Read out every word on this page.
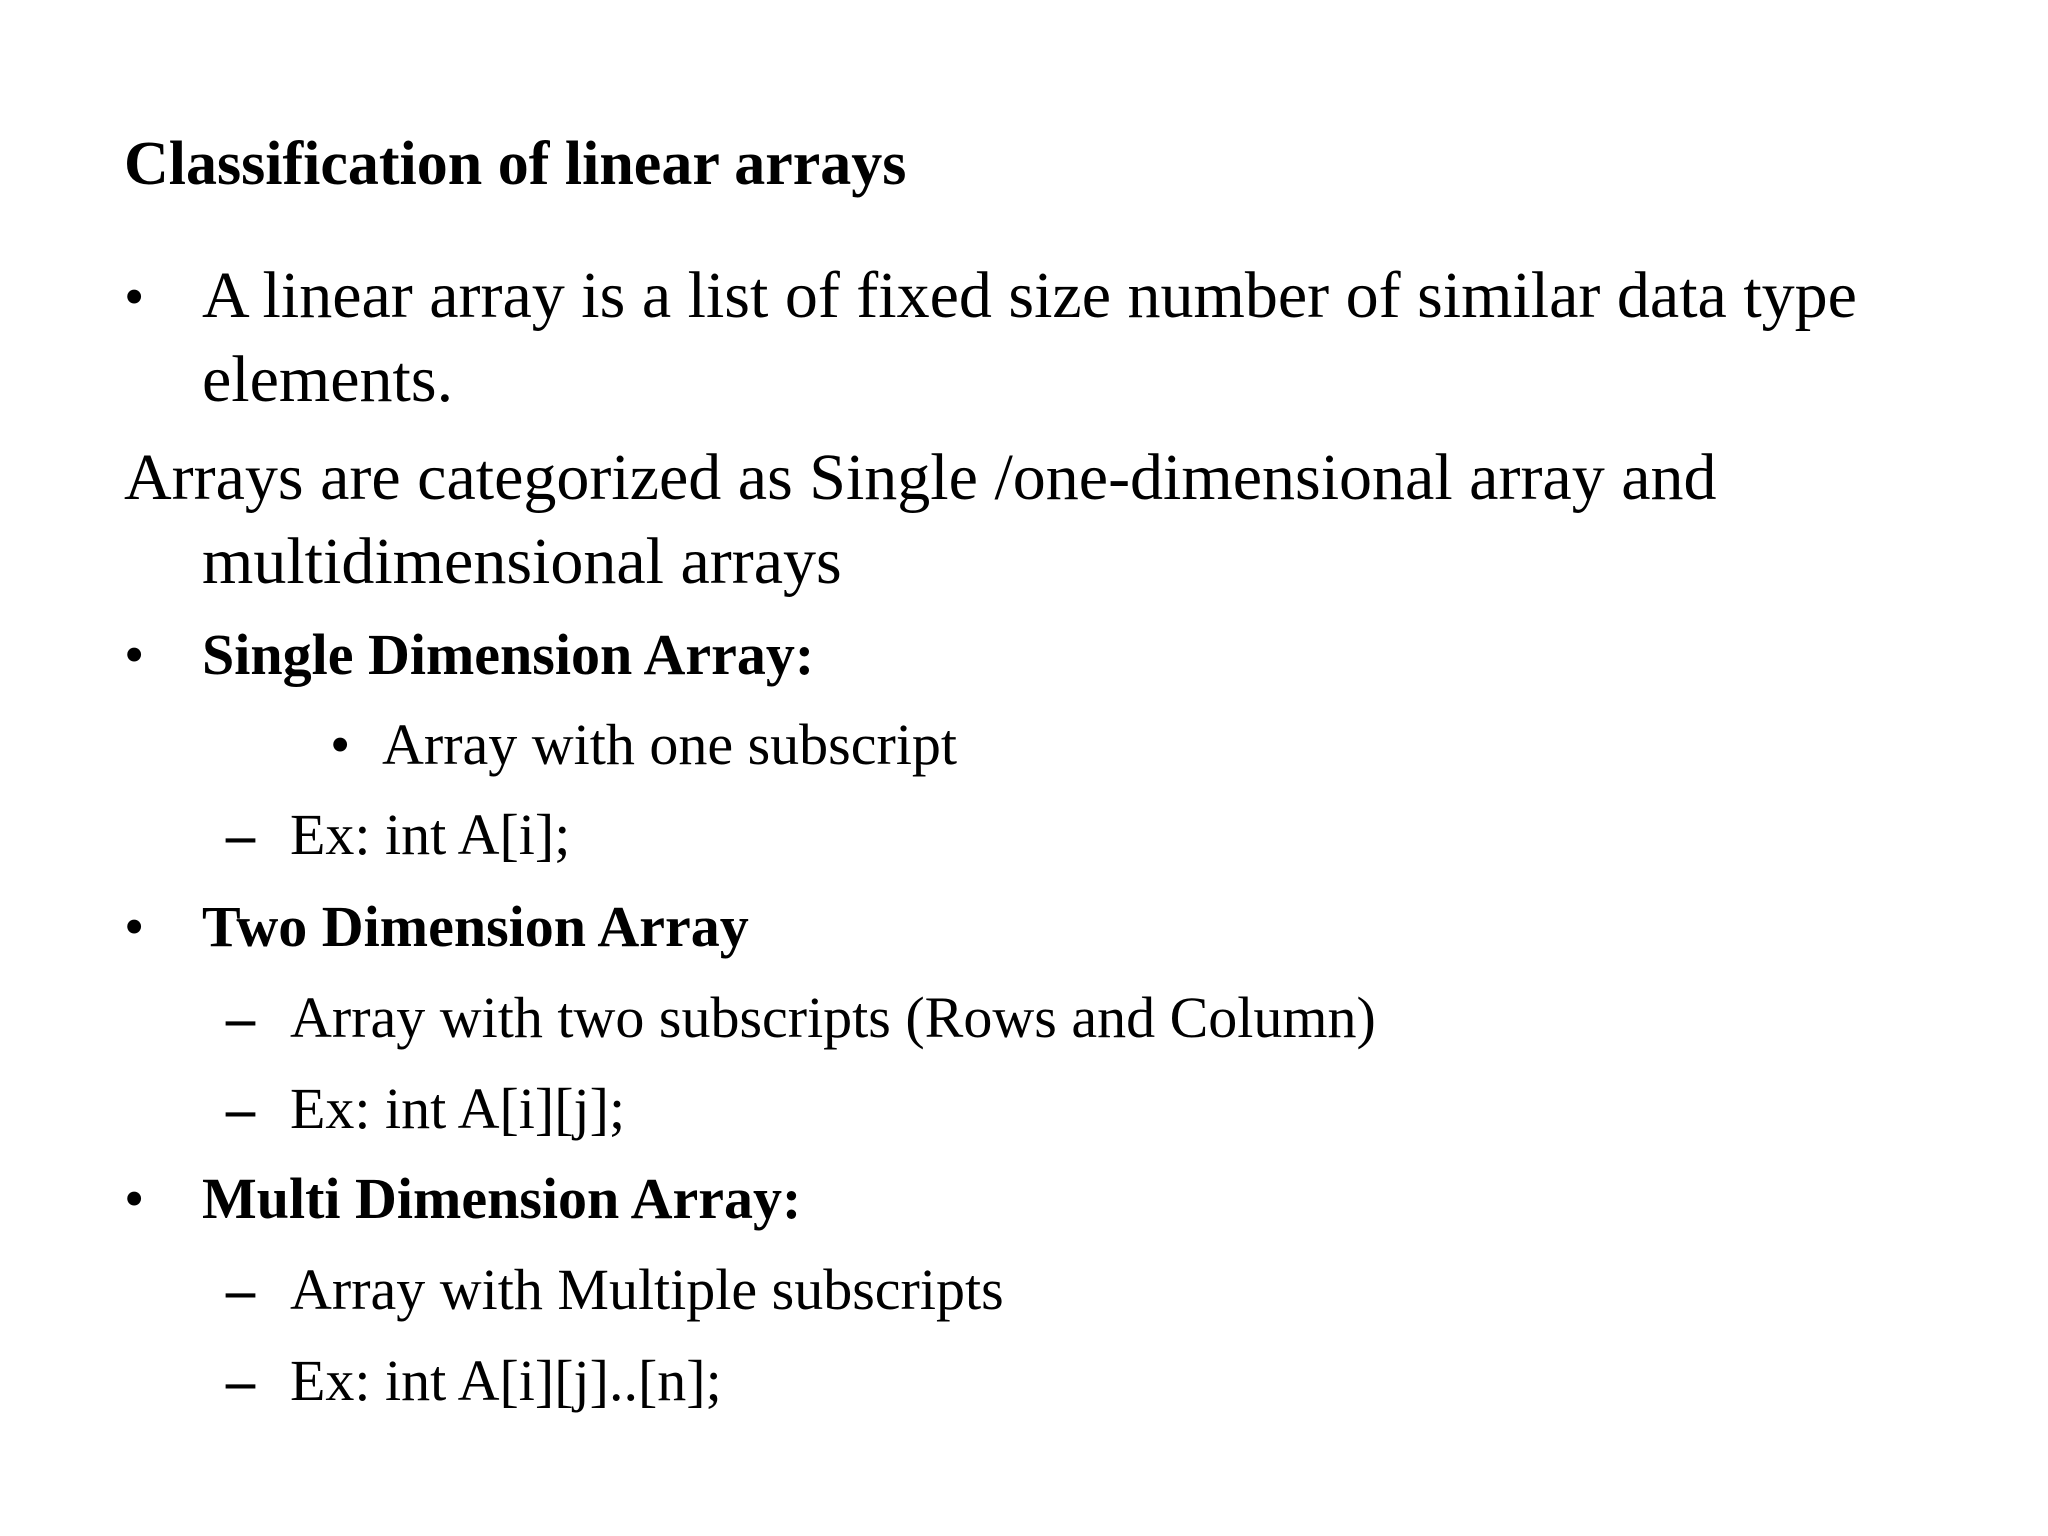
Classification of linear arrays
• A linear array is a list of fixed size number of similar data type
elements.
Arrays are categorized as Single /one-dimensional array and
multidimensional arrays
• Single Dimension Array:
• Array with one subscript
– Ex: int A[i];
• Two Dimension Array
– Array with two subscripts (Rows and Column)
– Ex: int A[i][j];
• Multi Dimension Array:
– Array with Multiple subscripts
– Ex: int A[i][j]..[n];
